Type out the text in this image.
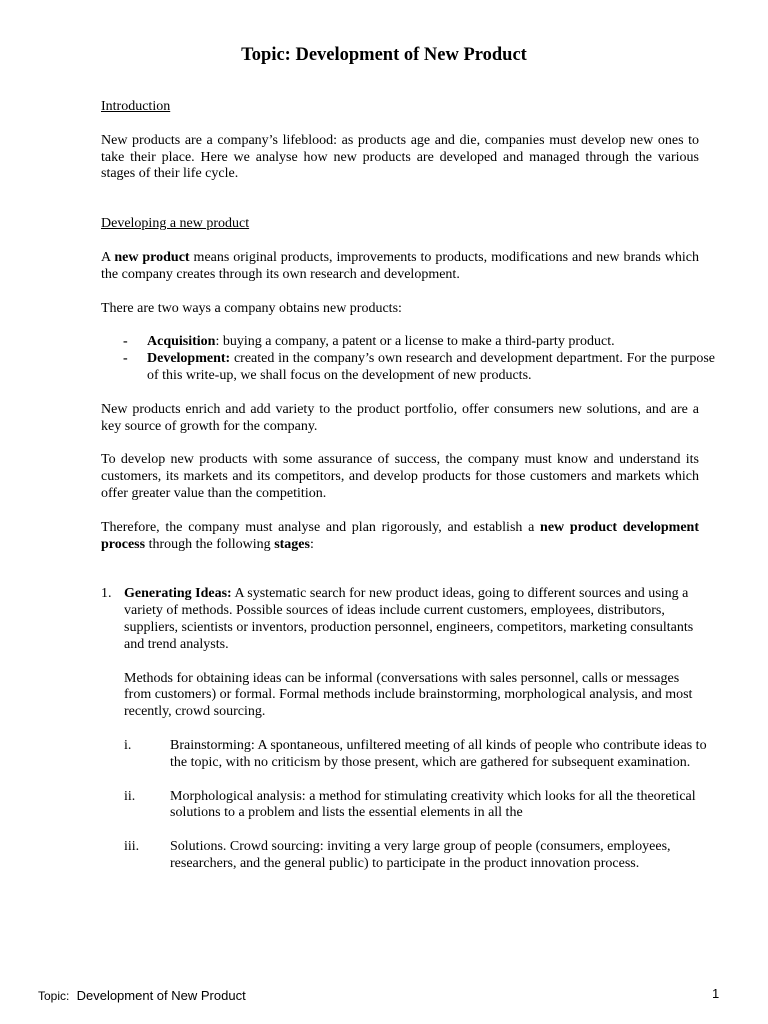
Topic: Development of New Product

Introduction

New products are a company’s lifeblood: as products age and die, companies must develop new ones to take their place. Here we analyse how new products are developed and managed through the various stages of their life cycle.

Developing a new product

A new product means original products, improvements to products, modifications and new brands which the company creates through its own research and development.

There are two ways a company obtains new products:

- Acquisition: buying a company, a patent or a license to make a third-party product.
- Development: created in the company’s own research and development department. For the purpose of this write-up, we shall focus on the development of new products.

New products enrich and add variety to the product portfolio, offer consumers new solutions, and are a key source of growth for the company.

To develop new products with some assurance of success, the company must know and understand its customers, its markets and its competitors, and develop products for those customers and markets which offer greater value than the competition.

Therefore, the company must analyse and plan rigorously, and establish a new product development process through the following stages:

1. Generating Ideas: A systematic search for new product ideas, going to different sources and using a variety of methods. Possible sources of ideas include current customers, employees, distributors, suppliers, scientists or inventors, production personnel, engineers, competitors, marketing consultants and trend analysts.

Methods for obtaining ideas can be informal (conversations with sales personnel, calls or messages from customers) or formal. Formal methods include brainstorming, morphological analysis, and most recently, crowd sourcing.

i.	Brainstorming: A spontaneous, unfiltered meeting of all kinds of people who contribute ideas to the topic, with no criticism by those present, which are gathered for subsequent examination.

ii. Morphological analysis: a method for stimulating creativity which looks for all the theoretical solutions to a problem and lists the essential elements in all the

iii. Solutions. Crowd sourcing: inviting a very large group of people (consumers, employees, researchers, and the general public) to participate in the product innovation process.

Topic: Development of New Product	1
